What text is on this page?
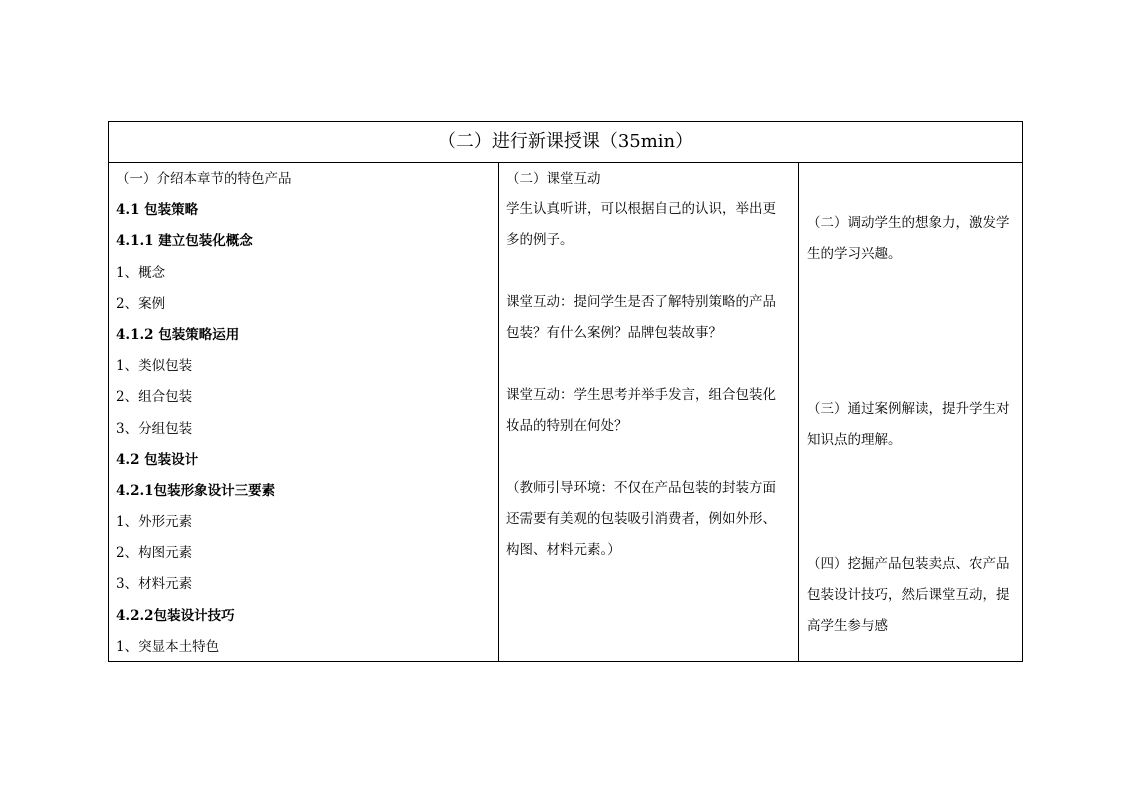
（二）进行新课授课（35min）
（一）介绍本章节的特色产品
4.1 包装策略
4.1.1 建立包装化概念
1、概念
2、案例
4.1.2 包装策略运用
1、类似包装
2、组合包装
3、分组包装
4.2 包装设计
4.2.1包装形象设计三要素
1、外形元素
2、构图元素
3、材料元素
4.2.2包装设计技巧
1、突显本土特色
（二）课堂互动
学生认真听讲，可以根据自己的认识，举出更
多的例子。
课堂互动：提问学生是否了解特别策略的产品
包装？有什么案例？品牌包装故事？
课堂互动：学生思考并举手发言，组合包装化
妆品的特别在何处？
（教师引导环境：不仅在产品包装的封装方面
还需要有美观的包装吸引消费者，例如外形、
构图、材料元素。）
（二）调动学生的想象力，激发学
生的学习兴趣。
（三）通过案例解读，提升学生对
知识点的理解。
（四）挖掘产品包装卖点、农产品
包装设计技巧，然后课堂互动，提
高学生参与感
